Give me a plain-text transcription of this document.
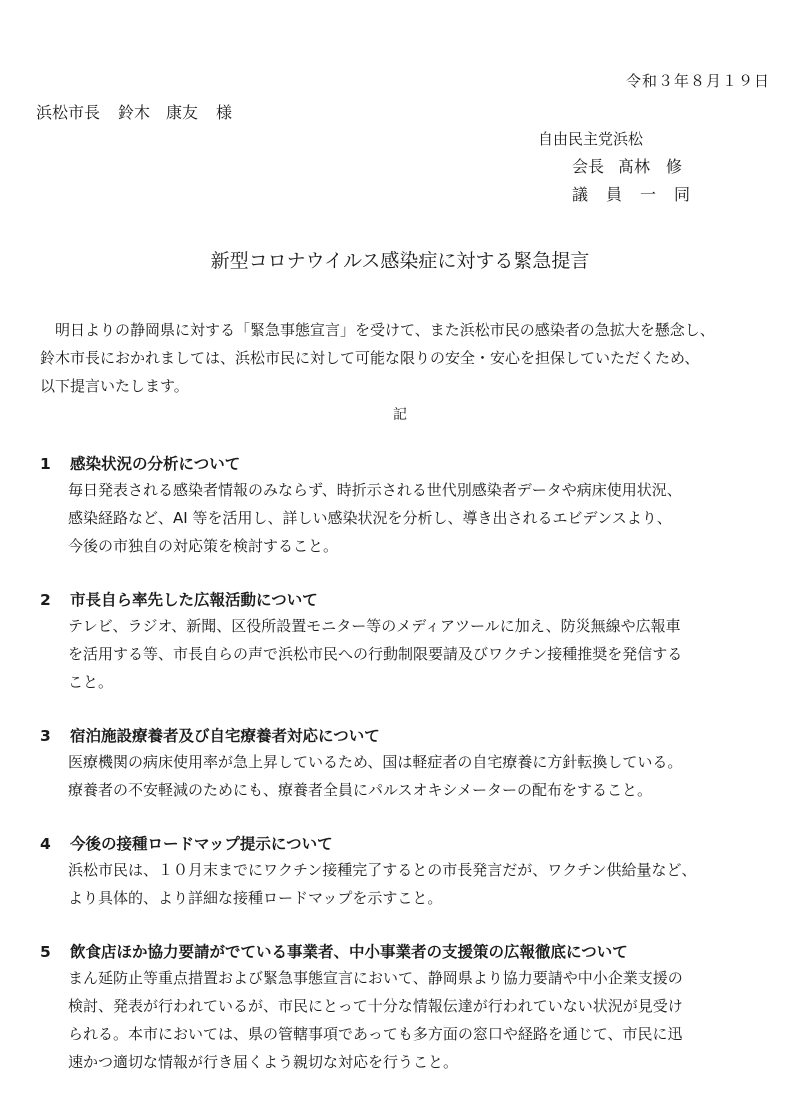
令和３年８月１９日
浜松市長 鈴木　康友 様
自由民主党浜松
会長 髙林　修
議員一同
新型コロナウイルス感染症に対する緊急提言

明日よりの静岡県に対する「緊急事態宣言」を受けて、また浜松市民の感染者の急拡大を懸念し、

鈴木市長におかれましては、浜松市民に対して可能な限りの安全・安心を担保していただくため、

以下提言いたします。

記
1 感染状況の分析について

毎日発表される感染者情報のみならず、時折示される世代別感染者データや病床使用状況、

感染経路など、AI 等を活用し、詳しい感染状況を分析し、導き出されるエビデンスより、

今後の市独自の対応策を検討すること。

2 市長自ら率先した広報活動について

テレビ、ラジオ、新聞、区役所設置モニター等のメディアツールに加え、防災無線や広報車

を活用する等、市長自らの声で浜松市民への行動制限要請及びワクチン接種推奨を発信する

こと。

3 宿泊施設療養者及び自宅療養者対応について

医療機関の病床使用率が急上昇しているため、国は軽症者の自宅療養に方針転換している。

療養者の不安軽減のためにも、療養者全員にパルスオキシメーターの配布をすること。

4 今後の接種ロードマップ提示について

浜松市民は、１０月末までにワクチン接種完了するとの市長発言だが、ワクチン供給量など、

より具体的、より詳細な接種ロードマップを示すこと。

5 飲食店ほか協力要請がでている事業者、中小事業者の支援策の広報徹底について

まん延防止等重点措置および緊急事態宣言において、静岡県より協力要請や中小企業支援の

検討、発表が行われているが、市民にとって十分な情報伝達が行われていない状況が見受け

られる。本市においては、県の管轄事項であっても多方面の窓口や経路を通じて、市民に迅

速かつ適切な情報が行き届くよう親切な対応を行うこと。
